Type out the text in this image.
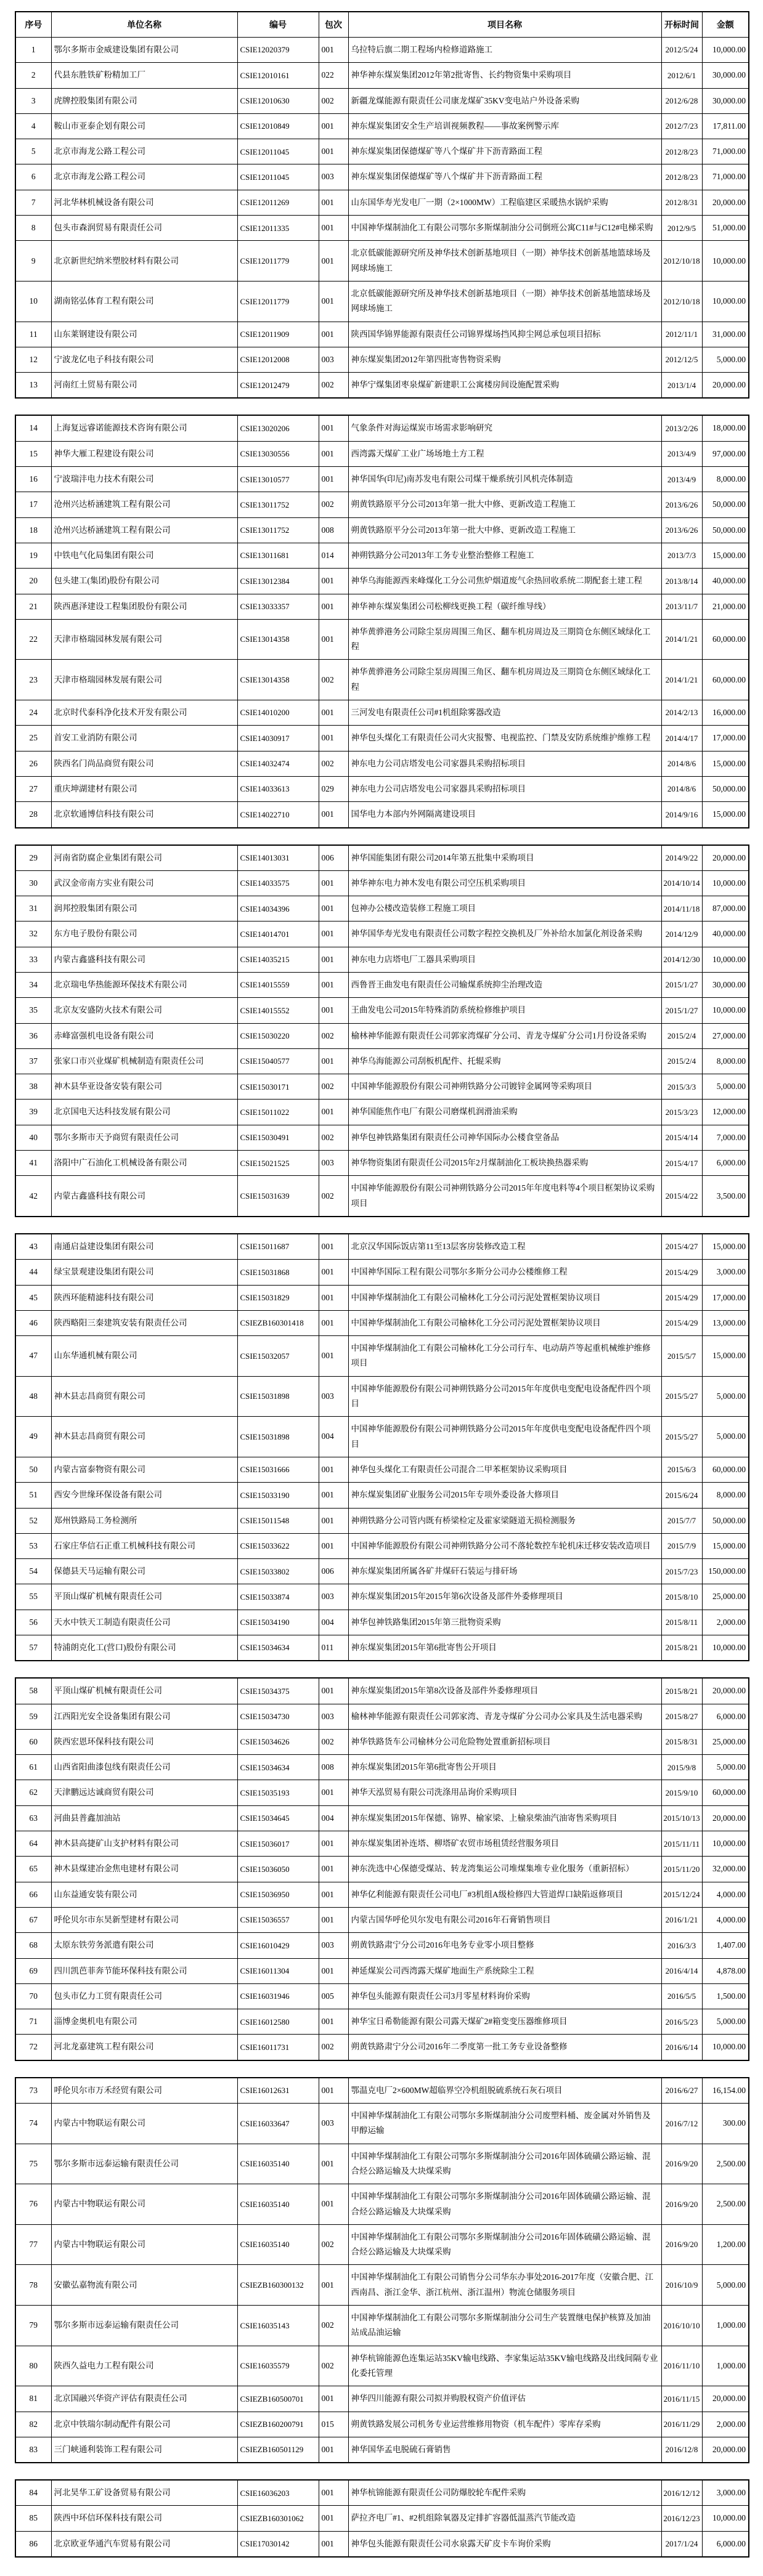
序号	单位名称	编号	包次	项目名称	开标时间	金额
1	鄂尔多斯市金威建设集团有限公司	CSIE12020379	001	乌拉特后旗二期工程场内检修道路施工	2012/5/24	10,000.00
2	代县东胜铁矿粉精加工厂	CSIE12010161	022	神华神东煤炭集团2012年第2批寄售、长约物资集中采购项目	2012/6/1	30,000.00
3	虎牌控股集团有限公司	CSIE12010630	002	新疆龙煤能源有限责任公司康龙煤矿35KV变电站户外设备采购	2012/6/28	30,000.00
4	鞍山市亚泰企划有限公司	CSIE12010849	001	神东煤炭集团安全生产培训视频教程——事故案例警示库	2012/7/23	17,811.00
5	北京市海龙公路工程公司	CSIE12011045	001	神东煤炭集团保德煤矿等八个煤矿井下沥青路面工程	2012/8/23	71,000.00
6	北京市海龙公路工程公司	CSIE12011045	003	神东煤炭集团保德煤矿等八个煤矿井下沥青路面工程	2012/8/23	71,000.00
7	河北华林机械设备有限公司	CSIE12011269	001	山东国华寿光发电厂一期（2×1000MW）工程临建区采暖热水锅炉采购	2012/8/31	20,000.00
8	包头市森润贸易有限责任公司	CSIE12011335	001	中国神华煤制油化工有限公司鄂尔多斯煤制油分公司倒班公寓C11#与C12#电梯采购	2012/9/5	51,000.00
9	北京新世纪纳米塑胶材料有限公司	CSIE12011779	001	北京低碳能源研究所及神华技术创新基地项目（一期）神华技术创新基地篮球场及网球场施工	2012/10/18	10,000.00
10	湖南铭弘体育工程有限公司	CSIE12011779	001	北京低碳能源研究所及神华技术创新基地项目（一期）神华技术创新基地篮球场及网球场施工	2012/10/18	10,000.00
11	山东莱钢建设有限公司	CSIE12011909	001	陕西国华锦界能源有限责任公司锦界煤场挡风抑尘网总承包项目招标	2012/11/1	31,000.00
12	宁波龙亿电子科技有限公司	CSIE12012008	003	神东煤炭集团2012年第四批寄售物资采购	2012/12/5	5,000.00
13	河南红土贸易有限公司	CSIE12012479	002	神华宁煤集团枣泉煤矿新建职工公寓楼房间设施配置采购	2013/1/4	20,000.00
14	上海复远睿诺能源技术咨询有限公司	CSIE13020206	001	气象条件对海运煤炭市场需求影响研究	2013/2/26	18,000.00
15	神华大雁工程建设有限公司	CSIE13030556	001	西湾露天煤矿工业广场场地土方工程	2013/4/9	97,000.00
16	宁波瑞沣电力技术有限公司	CSIE13010577	001	神华国华(印尼)南苏发电有限公司煤干燥系统引风机壳体制造	2013/4/9	8,000.00
17	沧州兴达桥涵建筑工程有限公司	CSIE13011752	002	朔黄铁路原平分公司2013年第一批大中修、更新改造工程施工	2013/6/26	50,000.00
18	沧州兴达桥涵建筑工程有限公司	CSIE13011752	008	朔黄铁路原平分公司2013年第一批大中修、更新改造工程施工	2013/6/26	50,000.00
19	中铁电气化局集团有限公司	CSIE13011681	014	神朔铁路分公司2013年工务专业整治整修工程施工	2013/7/3	15,000.00
20	包头建工(集团)股份有限公司	CSIE13012384	001	神华乌海能源西来峰煤化工分公司焦炉烟道废气余热回收系统二期配套土建工程	2013/8/14	40,000.00
21	陕西惠泽建设工程集团股份有限公司	CSIE13033357	001	神华神东煤炭集团公司松柳线更换工程（碳纤维导线）	2013/11/7	21,000.00
22	天津市格瑞园林发展有限公司	CSIE13014358	001	神华黄骅港务公司除尘泵房周围三角区、翻车机房周边及三期筒仓东侧区域绿化工程	2014/1/21	60,000.00
23	天津市格瑞园林发展有限公司	CSIE13014358	002	神华黄骅港务公司除尘泵房周围三角区、翻车机房周边及三期筒仓东侧区域绿化工程	2014/1/21	60,000.00
24	北京时代泰科净化技术开发有限公司	CSIE14010200	001	三河发电有限责任公司#1机组除雾器改造	2014/2/13	16,000.00
25	首安工业消防有限公司	CSIE14030917	001	神华包头煤化工有限责任公司火灾报警、电视监控、门禁及安防系统维护维修工程	2014/4/17	17,000.00
26	陕西名门尚品商贸有限公司	CSIE14032474	002	神东电力公司店塔发电公司家器具采购招标项目	2014/8/6	15,000.00
27	重庆坤湖建材有限公司	CSIE14033613	029	神东电力公司店塔发电公司家器具采购招标项目	2014/8/6	50,000.00
28	北京软通博信科技有限公司	CSIE14022710	001	国华电力本部内外网隔离建设项目	2014/9/16	15,000.00
29	河南省防腐企业集团有限公司	CSIE14013031	006	神华国能集团有限公司2014年第五批集中采购项目	2014/9/22	20,000.00
30	武汉金帝南方实业有限公司	CSIE14033575	001	神华神东电力神木发电有限公司空压机采购项目	2014/10/14	10,000.00
31	润邦控股集团有限公司	CSIE14034396	001	包神办公楼改造装修工程施工项目	2014/11/18	87,000.00
32	东方电子股份有限公司	CSIE14014701	001	神华国华寿光发电有限责任公司数字程控交换机及厂外补给水加氯化剂设备采购	2014/12/9	40,000.00
33	内蒙古鑫盛科技有限公司	CSIE14035215	001	神东电力店塔电厂工器具采购项目	2014/12/30	10,000.00
34	北京瑞电华热能源环保技术有限公司	CSIE14015559	001	西鲁晋王曲发电有限责任公司输煤系统抑尘治理改造	2015/1/27	30,000.00
35	北京友安盛防火技术有限公司	CSIE14015552	001	王曲发电公司2015年特殊消防系统检修维护项目	2015/1/27	10,000.00
36	赤峰富强机电设备有限公司	CSIE15030220	002	榆林神华能源有限责任公司郭家湾煤矿分公司、青龙寺煤矿分公司1月份设备采购	2015/2/4	27,000.00
37	张家口市兴业煤矿机械制造有限责任公司	CSIE15040577	001	神华乌海能源公司刮板机配件、托辊采购	2015/2/4	8,000.00
38	神木县华亚设备安装有限公司	CSIE15030171	002	中国神华能源股份有限公司神朔铁路分公司镀锌金属网等采购项目	2015/3/3	5,000.00
39	北京国电天达科技发展有限公司	CSIE15011022	001	神华国能焦作电厂有限公司磨煤机润滑油采购	2015/3/23	12,000.00
40	鄂尔多斯市天予商贸有限责任公司	CSIE15030491	002	神华包神铁路集团有限责任公司神华国际办公楼食堂备品	2015/4/14	7,000.00
41	洛阳中广石油化工机械设备有限公司	CSIE15021525	003	神华物资集团有限责任公司2015年2月煤制油化工板块换热器采购	2015/4/17	6,000.00
42	内蒙古鑫盛科技有限公司	CSIE15031639	002	中国神华能源股份有限公司神朔铁路分公司2015年年度电料等4个项目框架协议采购项目	2015/4/22	3,500.00
43	南通启益建设集团有限公司	CSIE15011687	001	北京汉华国际饭店第11至13层客房装修改造工程	2015/4/27	15,000.00
44	绿宝景观建设集团有限公司	CSIE15031868	001	中国神华国际工程有限公司鄂尔多斯分公司办公楼维修工程	2015/4/29	3,000.00
45	陕西环能精滤科技有限公司	CSIE15031829	001	中国神华煤制油化工有限公司榆林化工分公司污泥处置框架协议项目	2015/4/29	17,000.00
46	陕西略阳三秦建筑安装有限责任公司	CSIEZB160301418	001	中国神华煤制油化工有限公司榆林化工分公司污泥处置框架协议项目	2015/4/29	13,000.00
47	山东华通机械有限公司	CSIE15032057	001	中国神华煤制油化工有限公司榆林化工分公司行车、电动葫芦等起重机械维护维修项目	2015/5/7	15,000.00
48	神木县志昌商贸有限公司	CSIE15031898	003	中国神华能源股份有限公司神朔铁路分公司2015年年度供电变配电设备配件四个项目	2015/5/27	5,000.00
49	神木县志昌商贸有限公司	CSIE15031898	004	中国神华能源股份有限公司神朔铁路分公司2015年年度供电变配电设备配件四个项目	2015/5/27	5,000.00
50	内蒙古富泰物资有限公司	CSIE15031666	001	神华包头煤化工有限责任公司混合二甲苯框架协议采购项目	2015/6/3	60,000.00
51	西安今世缘环保设备有限公司	CSIE15033190	001	神东煤炭集团矿业服务公司2015年专项外委设备大修项目	2015/6/24	8,000.00
52	郑州铁路局工务检测所	CSIE15011548	001	神朔铁路分公司管内既有桥梁检定及霍家梁隧道无损检测服务	2015/7/7	50,000.00
53	石家庄华信石正重工机械科技有限公司	CSIE15033622	001	中国神华能源股份有限公司神朔铁路分公司不落轮数控车轮机床迁移安装改造项目	2015/7/9	15,000.00
54	保德县天马运输有限公司	CSIE15033802	006	神东煤炭集团所属各矿井煤矸石装运与排矸场	2015/7/23	150,000.00
55	平顶山煤矿机械有限责任公司	CSIE15033874	003	神东煤炭集团2015年2015年第6次设备及部件外委修理项目	2015/8/10	25,000.00
56	天水中铁天工制造有限责任公司	CSIE15034190	004	神华包神铁路集团2015年第三批物资采购	2015/8/11	2,000.00
57	特浦朗克化工(营口)股份有限公司	CSIE15034634	011	神东煤炭集团2015年第6批寄售公开项目	2015/8/21	10,000.00
58	平顶山煤矿机械有限责任公司	CSIE15034375	001	神东煤炭集团2015年第8次设备及部件外委修理项目	2015/8/21	20,000.00
59	江西阳光安全设备集团有限公司	CSIE15034730	003	榆林神华能源有限责任公司郭家湾、青龙寺煤矿分公司办公家具及生活电器采购	2015/8/27	6,000.00
60	陕西宏恩环保科技有限公司	CSIE15034626	002	神华铁路货车公司榆林分公司危险物处置重新招标项目	2015/8/31	25,000.00
61	山西省阳曲漆包线有限责任公司	CSIE15034634	008	神东煤炭集团2015年第6批寄售公开项目	2015/9/8	5,000.00
62	天津鹏远达诚商贸有限公司	CSIE15035193	001	神华天泓贸易有限公司洗涤用品询价采购项目	2015/9/10	60,000.00
63	河曲县普鑫加油站	CSIE15034645	004	神东煤炭集团2015年保德、锦界、榆家梁、上榆泉柴油汽油寄售采购项目	2015/10/13	20,000.00
64	神木县高捷矿山支护材料有限公司	CSIE15036017	001	神东煤炭集团补连塔、柳塔矿农贸市场租赁经营服务项目	2015/11/11	10,000.00
65	神木县煤建冶金焦电建材有限公司	CSIE15036050	001	神东洗选中心保德受煤站、转龙湾集运公司堆煤集堆专业化服务（重新招标）	2015/11/20	32,000.00
66	山东益通安装有限公司	CSIE15036950	001	神华亿利能源有限责任公司电厂#3机组A级检修四大管道焊口缺陷返修项目	2015/12/24	4,000.00
67	呼伦贝尔市东昊新型建材有限公司	CSIE15036557	001	内蒙古国华呼伦贝尔发电有限公司2016年石膏销售项目	2016/1/21	4,000.00
68	太原东铁劳务派遣有限公司	CSIE16010429	003	朔黄铁路肃宁分公司2016年电务专业零小项目整修	2016/3/3	1,407.00
69	四川凯芭菲奔节能环保科技有限公司	CSIE16011304	001	神延煤炭公司西湾露天煤矿地面生产系统除尘工程	2016/4/14	4,878.00
70	包头市亿力工贸有限责任公司	CSIE16031946	005	神华包头能源有限责任公司3月零星材料询价采购	2016/5/5	1,500.00
71	淄博金奥机电有限公司	CSIE16012580	001	神华宝日希勒能源有限公司露天煤矿2#箱变变压器维修项目	2016/5/23	5,000.00
72	河北龙嘉建筑工程有限公司	CSIE16011731	002	朔黄铁路肃宁分公司2016年二季度第一批工务专业设备整修	2016/6/14	10,000.00
73	呼伦贝尔市万禾经贸有限公司	CSIE16012631	001	鄂温克电厂2×600MW超临界空冷机组脱硫系统石灰石项目	2016/6/27	16,154.00
74	内蒙古中物联运有限公司	CSIE16033647	003	中国神华煤制油化工有限公司鄂尔多斯煤制油分公司废塑料桶、废金属对外销售及甲醇运输	2016/7/12	300.00
75	鄂尔多斯市远泰运输有限责任公司	CSIE16035140	001	中国神华煤制油化工有限公司鄂尔多斯煤制油分公司2016年固体硫磺公路运输、混合烃公路运输及大块煤采购	2016/9/20	2,500.00
76	内蒙古中物联运有限公司	CSIE16035140	001	中国神华煤制油化工有限公司鄂尔多斯煤制油分公司2016年固体硫磺公路运输、混合烃公路运输及大块煤采购	2016/9/20	2,500.00
77	内蒙古中物联运有限公司	CSIE16035140	002	中国神华煤制油化工有限公司鄂尔多斯煤制油分公司2016年固体硫磺公路运输、混合烃公路运输及大块煤采购	2016/9/20	1,200.00
78	安徽弘嘉物流有限公司	CSIEZB160300132	001	中国神华煤制油化工有限公司销售分公司华东办事处2016-2017年度（安徽合肥、江西南昌、浙江金华、浙江杭州、浙江温州）物流仓储服务项目	2016/10/9	5,000.00
79	鄂尔多斯市远泰运输有限责任公司	CSIE16035143	002	中国神华煤制油化工有限公司鄂尔多斯煤制油分公司生产装置继电保护核算及加油站成品油运输	2016/10/10	1,000.00
80	陕西久益电力工程有限公司	CSIE16035579	002	神华杭锦能源色连集运站35KV输电线路、李家集运站35KV输电线路及出线间隔专业化委托管理	2016/11/10	1,000.00
81	北京国融兴华资产评估有限责任公司	CSIEZB160500701	001	神华四川能源有限公司拟并购股权资产价值评估	2016/11/15	20,000.00
82	北京中铁瑞尔制动配件有限公司	CSIEZB160200791	015	朔黄铁路发展公司机务专业运营维修用物资（机车配件）零库存采购	2016/11/29	2,000.00
83	三门峡通利装饰工程有限公司	CSIEZB160501129	001	神华国华孟电脱硫石膏销售	2016/12/8	20,000.00
84	河北昊华工矿设备贸易有限公司	CSIE16036203	001	神华杭锦能源有限责任公司防爆胶轮车配件采购	2016/12/12	3,000.00
85	陕西中环信环保科技有限公司	CSIEZB160301062	001	萨拉齐电厂#1、#2机组除氧器及定排扩容器低温蒸汽节能改造	2016/12/23	10,000.00
86	北京欧亚华通汽车贸易有限公司	CSIE17030142	001	神华包头能源有限责任公司水泉露天矿皮卡车询价采购	2017/1/24	6,000.00
